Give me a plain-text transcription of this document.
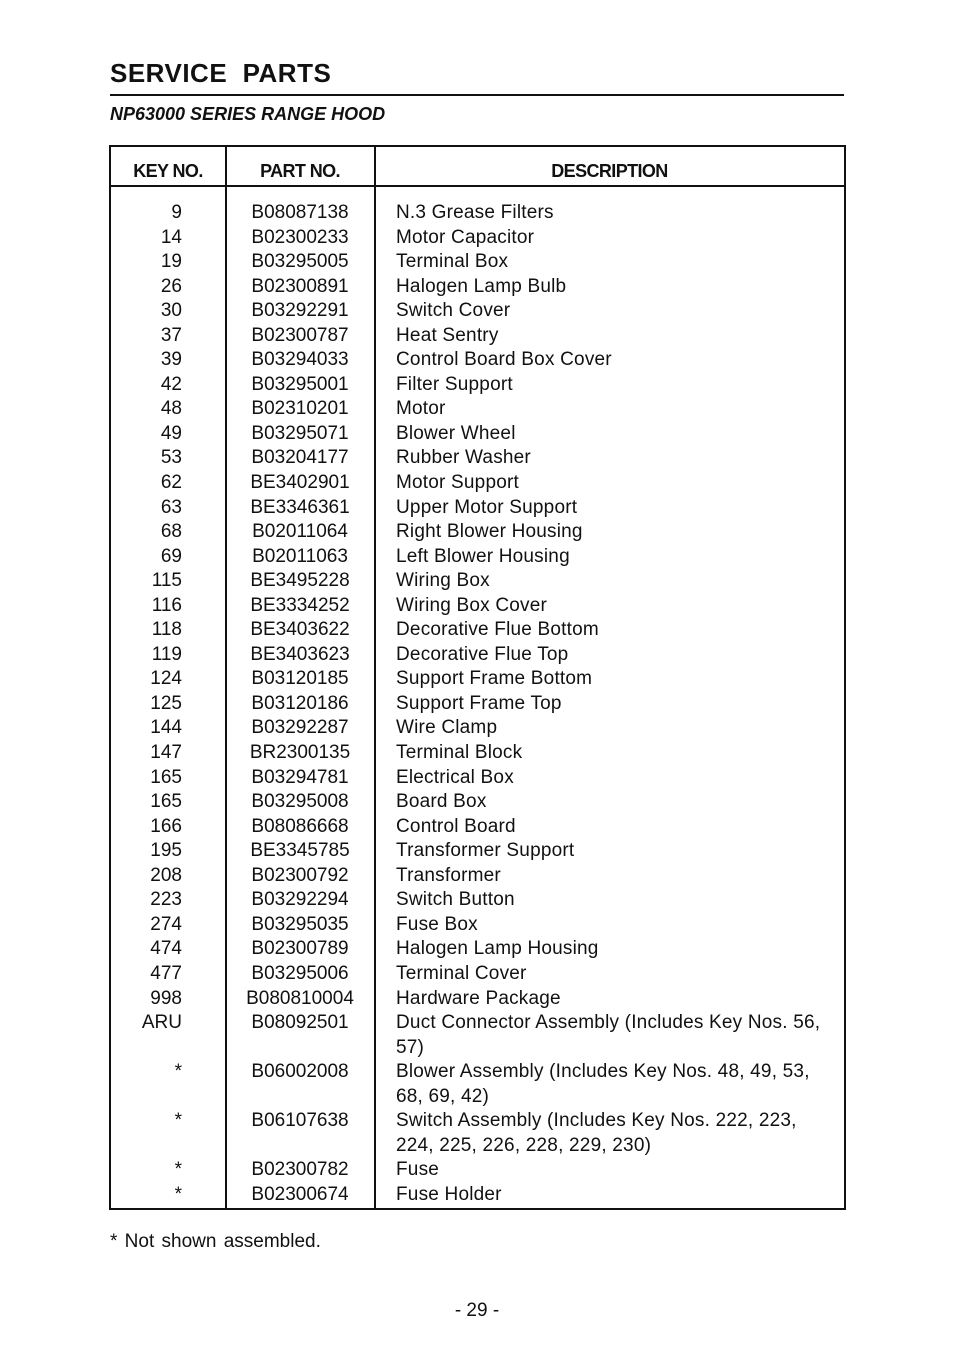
SERVICE  PARTS
NP63000 SERIES RANGE HOOD
KEY NO.	PART NO.	DESCRIPTION
9	B08087138	N.3 Grease Filters
14	B02300233	Motor Capacitor
19	B03295005	Terminal Box
26	B02300891	Halogen Lamp Bulb
30	B03292291	Switch Cover
37	B02300787	Heat Sentry
39	B03294033	Control Board Box Cover
42	B03295001	Filter Support
48	B02310201	Motor
49	B03295071	Blower Wheel
53	B03204177	Rubber Washer
62	BE3402901	Motor Support
63	BE3346361	Upper Motor Support
68	B02011064	Right Blower Housing
69	B02011063	Left Blower Housing
115	BE3495228	Wiring Box
116	BE3334252	Wiring Box Cover
118	BE3403622	Decorative Flue Bottom
119	BE3403623	Decorative Flue Top
124	B03120185	Support Frame Bottom
125	B03120186	Support Frame Top
144	B03292287	Wire Clamp
147	BR2300135	Terminal Block
165	B03294781	Electrical Box
165	B03295008	Board Box
166	B08086668	Control Board
195	BE3345785	Transformer Support
208	B02300792	Transformer
223	B03292294	Switch Button
274	B03295035	Fuse Box
474	B02300789	Halogen Lamp Housing
477	B03295006	Terminal Cover
998	B080810004	Hardware Package
ARU	B08092501	Duct Connector Assembly (Includes Key Nos. 56, 57)
*	B06002008	Blower Assembly (Includes Key Nos. 48, 49, 53, 68, 69, 42)
*	B06107638	Switch Assembly (Includes Key Nos. 222, 223, 224, 225, 226, 228, 229, 230)
*	B02300782	Fuse
*	B02300674	Fuse Holder
* Not shown assembled.
- 29 -
